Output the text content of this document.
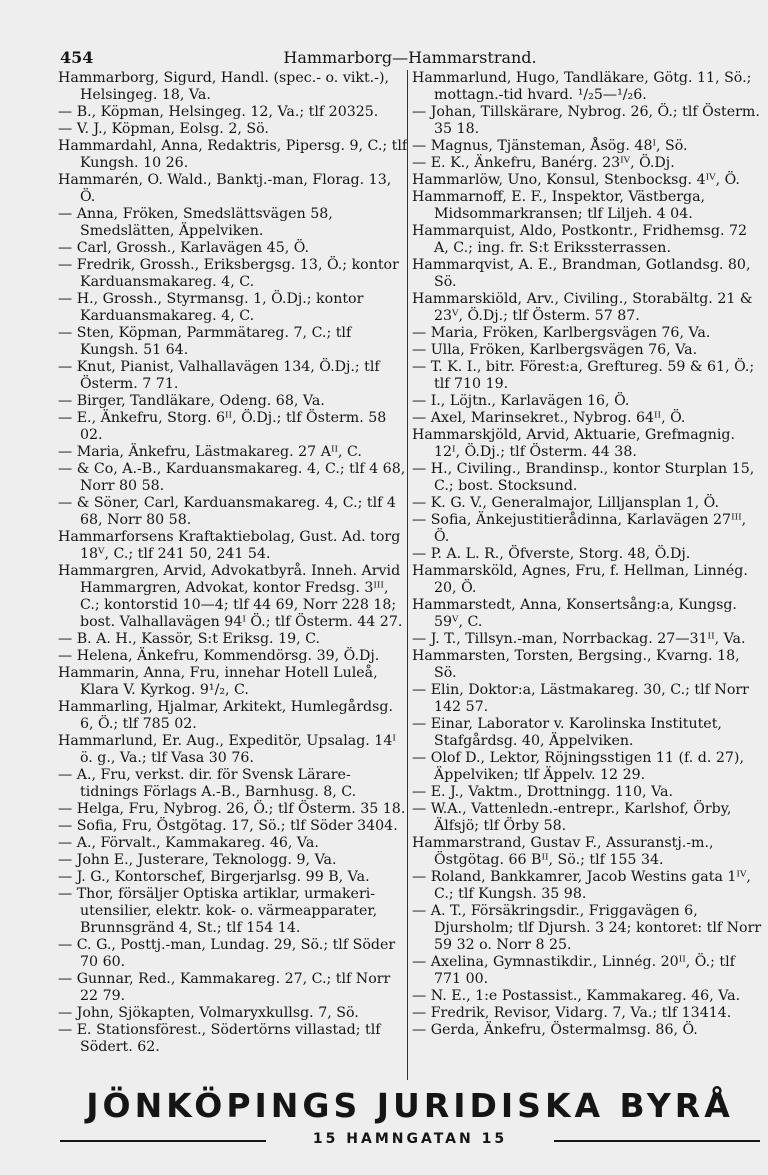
454	Hammarborg—Hammarstrand.

Hammarborg, Sigurd, Handl. (spec.- o. vikt.-), Helsingeg. 18, Va.

— B., Köpman, Helsingeg. 12, Va.; tlf 20325.

— V. J., Köpman, Eolsg. 2, Sö.

Hammardahl, Anna, Redaktris, Pipersg. 9, C.; tlf Kungsh. 10 26.

Hammarén, O. Wald., Banktj.-man, Florag. 13, Ö.

— Anna, Fröken, Smedslättsvägen 58, Smedslätten, Äppelviken.

— Carl, Grossh., Karlavägen 45, Ö.

— Fredrik, Grossh., Eriksbergsg. 13, Ö.; kontor Karduansmakareg. 4, C.

— H., Grossh., Styrmansg. 1, Ö.Dj.; kontor Karduansmakareg. 4, C.

— Sten, Köpman, Parmmätareg. 7, C.; tlf Kungsh. 51 64.

— Knut, Pianist, Valhallavägen 134, Ö.Dj.; tlf Österm. 7 71.

— Birger, Tandläkare, Odeng. 68, Va.

— E., Änkefru, Storg. 6ᴵᴵ, Ö.Dj.; tlf Österm. 58 02.

— Maria, Änkefru, Lästmakareg. 27 Aᴵᴵ, C.

— & Co, A.-B., Karduansmakareg. 4, C.; tlf 4 68, Norr 80 58.

— & Söner, Carl, Karduansmakareg. 4, C.; tlf 4 68, Norr 80 58.

Hammarforsens Kraftaktiebolag, Gust. Ad. torg 18ⱽ, C.; tlf 241 50, 241 54.

Hammargren, Arvid, Advokatbyrå. Inneh. Arvid Hammargren, Advokat, kontor Fredsg. 3ᴵᴵᴵ, C.; kontorstid 10—4; tlf 44 69, Norr 228 18; bost. Valhallavägen 94ᴵ Ö.; tlf Österm. 44 27.

— B. A. H., Kassör, S:t Eriksg. 19, C.

— Helena, Änkefru, Kommendörsg. 39, Ö.Dj.

Hammarin, Anna, Fru, innehar Hotell Luleå, Klara V. Kyrkog. 9¹/₂, C.

Hammarling, Hjalmar, Arkitekt, Humlegårdsg. 6, Ö.; tlf 785 02.

Hammarlund, Er. Aug., Expeditör, Upsalag. 14ᴵ ö. g., Va.; tlf Vasa 30 76.

— A., Fru, verkst. dir. för Svensk Lärare-tidnings Förlags A.-B., Barnhusg. 8, C.

— Helga, Fru, Nybrog. 26, Ö.; tlf Österm. 35 18.

— Sofia, Fru, Östgötag. 17, Sö.; tlf Söder 3404.

— A., Förvalt., Kammakareg. 46, Va.

— John E., Justerare, Teknologg. 9, Va.

— J. G., Kontorschef, Birgerjarlsg. 99 B, Va.

— Thor, försäljer Optiska artiklar, urmakeri-utensilier, elektr. kok- o. värmeapparater, Brunnsgränd 4, St.; tlf 154 14.

— C. G., Posttj.-man, Lundag. 29, Sö.; tlf Söder 70 60.

— Gunnar, Red., Kammakareg. 27, C.; tlf Norr 22 79.

— John, Sjökapten, Volmaryxkullsg. 7, Sö.

— E. Stationsförest., Södertörns villastad; tlf Södert. 62.

Hammarlund, Hugo, Tandläkare, Götg. 11, Sö.; mottagn.-tid hvard. ¹/₂5—¹/₂6.

— Johan, Tillskärare, Nybrog. 26, Ö.; tlf Österm. 35 18.

— Magnus, Tjänsteman, Åsög. 48ᴵ, Sö.

— E. K., Änkefru, Banérg. 23ᴵⱽ, Ö.Dj.

Hammarlöw, Uno, Konsul, Stenbocksg. 4ᴵⱽ, Ö.

Hammarnoff, E. F., Inspektor, Västberga, Midsommarkransen; tlf Liljeh. 4 04.

Hammarquist, Aldo, Postkontr., Fridhemsg. 72 A, C.; ing. fr. S:t Erikssterrassen.

Hammarqvist, A. E., Brandman, Gotlandsg. 80, Sö.

Hammarskiöld, Arv., Civiling., Storabältg. 21 & 23ⱽ, Ö.Dj.; tlf Österm. 57 87.

— Maria, Fröken, Karlbergsvägen 76, Va.

— Ulla, Fröken, Karlbergsvägen 76, Va.

— T. K. I., bitr. Förest:a, Greftureg. 59 & 61, Ö.; tlf 710 19.

— I., Löjtn., Karlavägen 16, Ö.

— Axel, Marinsekret., Nybrog. 64ᴵᴵ, Ö.

Hammarskjöld, Arvid, Aktuarie, Grefmagnig. 12ᴵ, Ö.Dj.; tlf Österm. 44 38.

— H., Civiling., Brandinsp., kontor Sturplan 15, C.; bost. Stocksund.

— K. G. V., Generalmajor, Lilljansplan 1, Ö.

— Sofia, Änkejustitierådinna, Karlavägen 27ᴵᴵᴵ, Ö.

— P. A. L. R., Öfverste, Storg. 48, Ö.Dj.

Hammarsköld, Agnes, Fru, f. Hellman, Linnég. 20, Ö.

Hammarstedt, Anna, Konsertsång:a, Kungsg. 59ⱽ, C.

— J. T., Tillsyn.-man, Norrbackag. 27—31ᴵᴵ, Va.

Hammarsten, Torsten, Bergsing., Kvarng. 18, Sö.

— Elin, Doktor:a, Lästmakareg. 30, C.; tlf Norr 142 57.

— Einar, Laborator v. Karolinska Institutet, Stafgårdsg. 40, Äppelviken.

— Olof D., Lektor, Röjningsstigen 11 (f. d. 27), Äppelviken; tlf Äppelv. 12 29.

— E. J., Vaktm., Drottningg. 110, Va.

— W.A., Vattenledn.-entrepr., Karlshof, Örby, Älfsjö; tlf Örby 58.

Hammarstrand, Gustav F., Assuranstj.-m., Östgötag. 66 Bᴵᴵ, Sö.; tlf 155 34.

— Roland, Bankkamrer, Jacob Westins gata 1ᴵⱽ, C.; tlf Kungsh. 35 98.

— A. T., Försäkringsdir., Friggavägen 6, Djursholm; tlf Djursh. 3 24; kontoret: tlf Norr 59 32 o. Norr 8 25.

— Axelina, Gymnastikdir., Linnég. 20ᴵᴵ, Ö.; tlf 771 00.

— N. E., 1:e Postassist., Kammakareg. 46, Va.

— Fredrik, Revisor, Vidarg. 7, Va.; tlf 13414.

— Gerda, Änkefru, Östermalmsg. 86, Ö.

JÖNKÖPINGS JURIDISKA BYRÅ

15 HAMNGATAN 15
